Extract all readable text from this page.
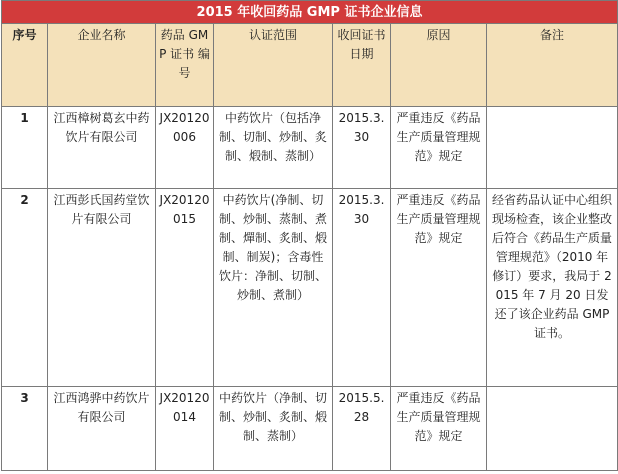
2015 年收回药品 GMP 证书企业信息						
序号	企业名称	药品 GMP 证书 编号	认证范围	收回证书日期	原因	备注
1	江西樟树葛玄中药饮片有限公司	JX20120006	中药饮片（包括净制、切制、炒制、炙制、煅制、蒸制）	2015.3.30	严重违反《药品生产质量管理规范》规定	
2	江西彭氏国药堂饮片有限公司	JX20120015	中药饮片(净制、切制、炒制、蒸制、煮制、燀制、炙制、煅制、制炭)；含毒性饮片：净制、切制、炒制、煮制）	2015.3.30	严重违反《药品生产质量管理规范》规定	经省药品认证中心组织现场检查，该企业整改后符合《药品生产质量管理规范》（2010 年修订）要求，我局于 2015 年 7 月 20 日发还了该企业药品 GMP 证书。
3	江西鸿骅中药饮片有限公司	JX20120014	中药饮片（净制、切制、炒制、炙制、煅制、蒸制）	2015.5.28	严重违反《药品生产质量管理规范》规定	
